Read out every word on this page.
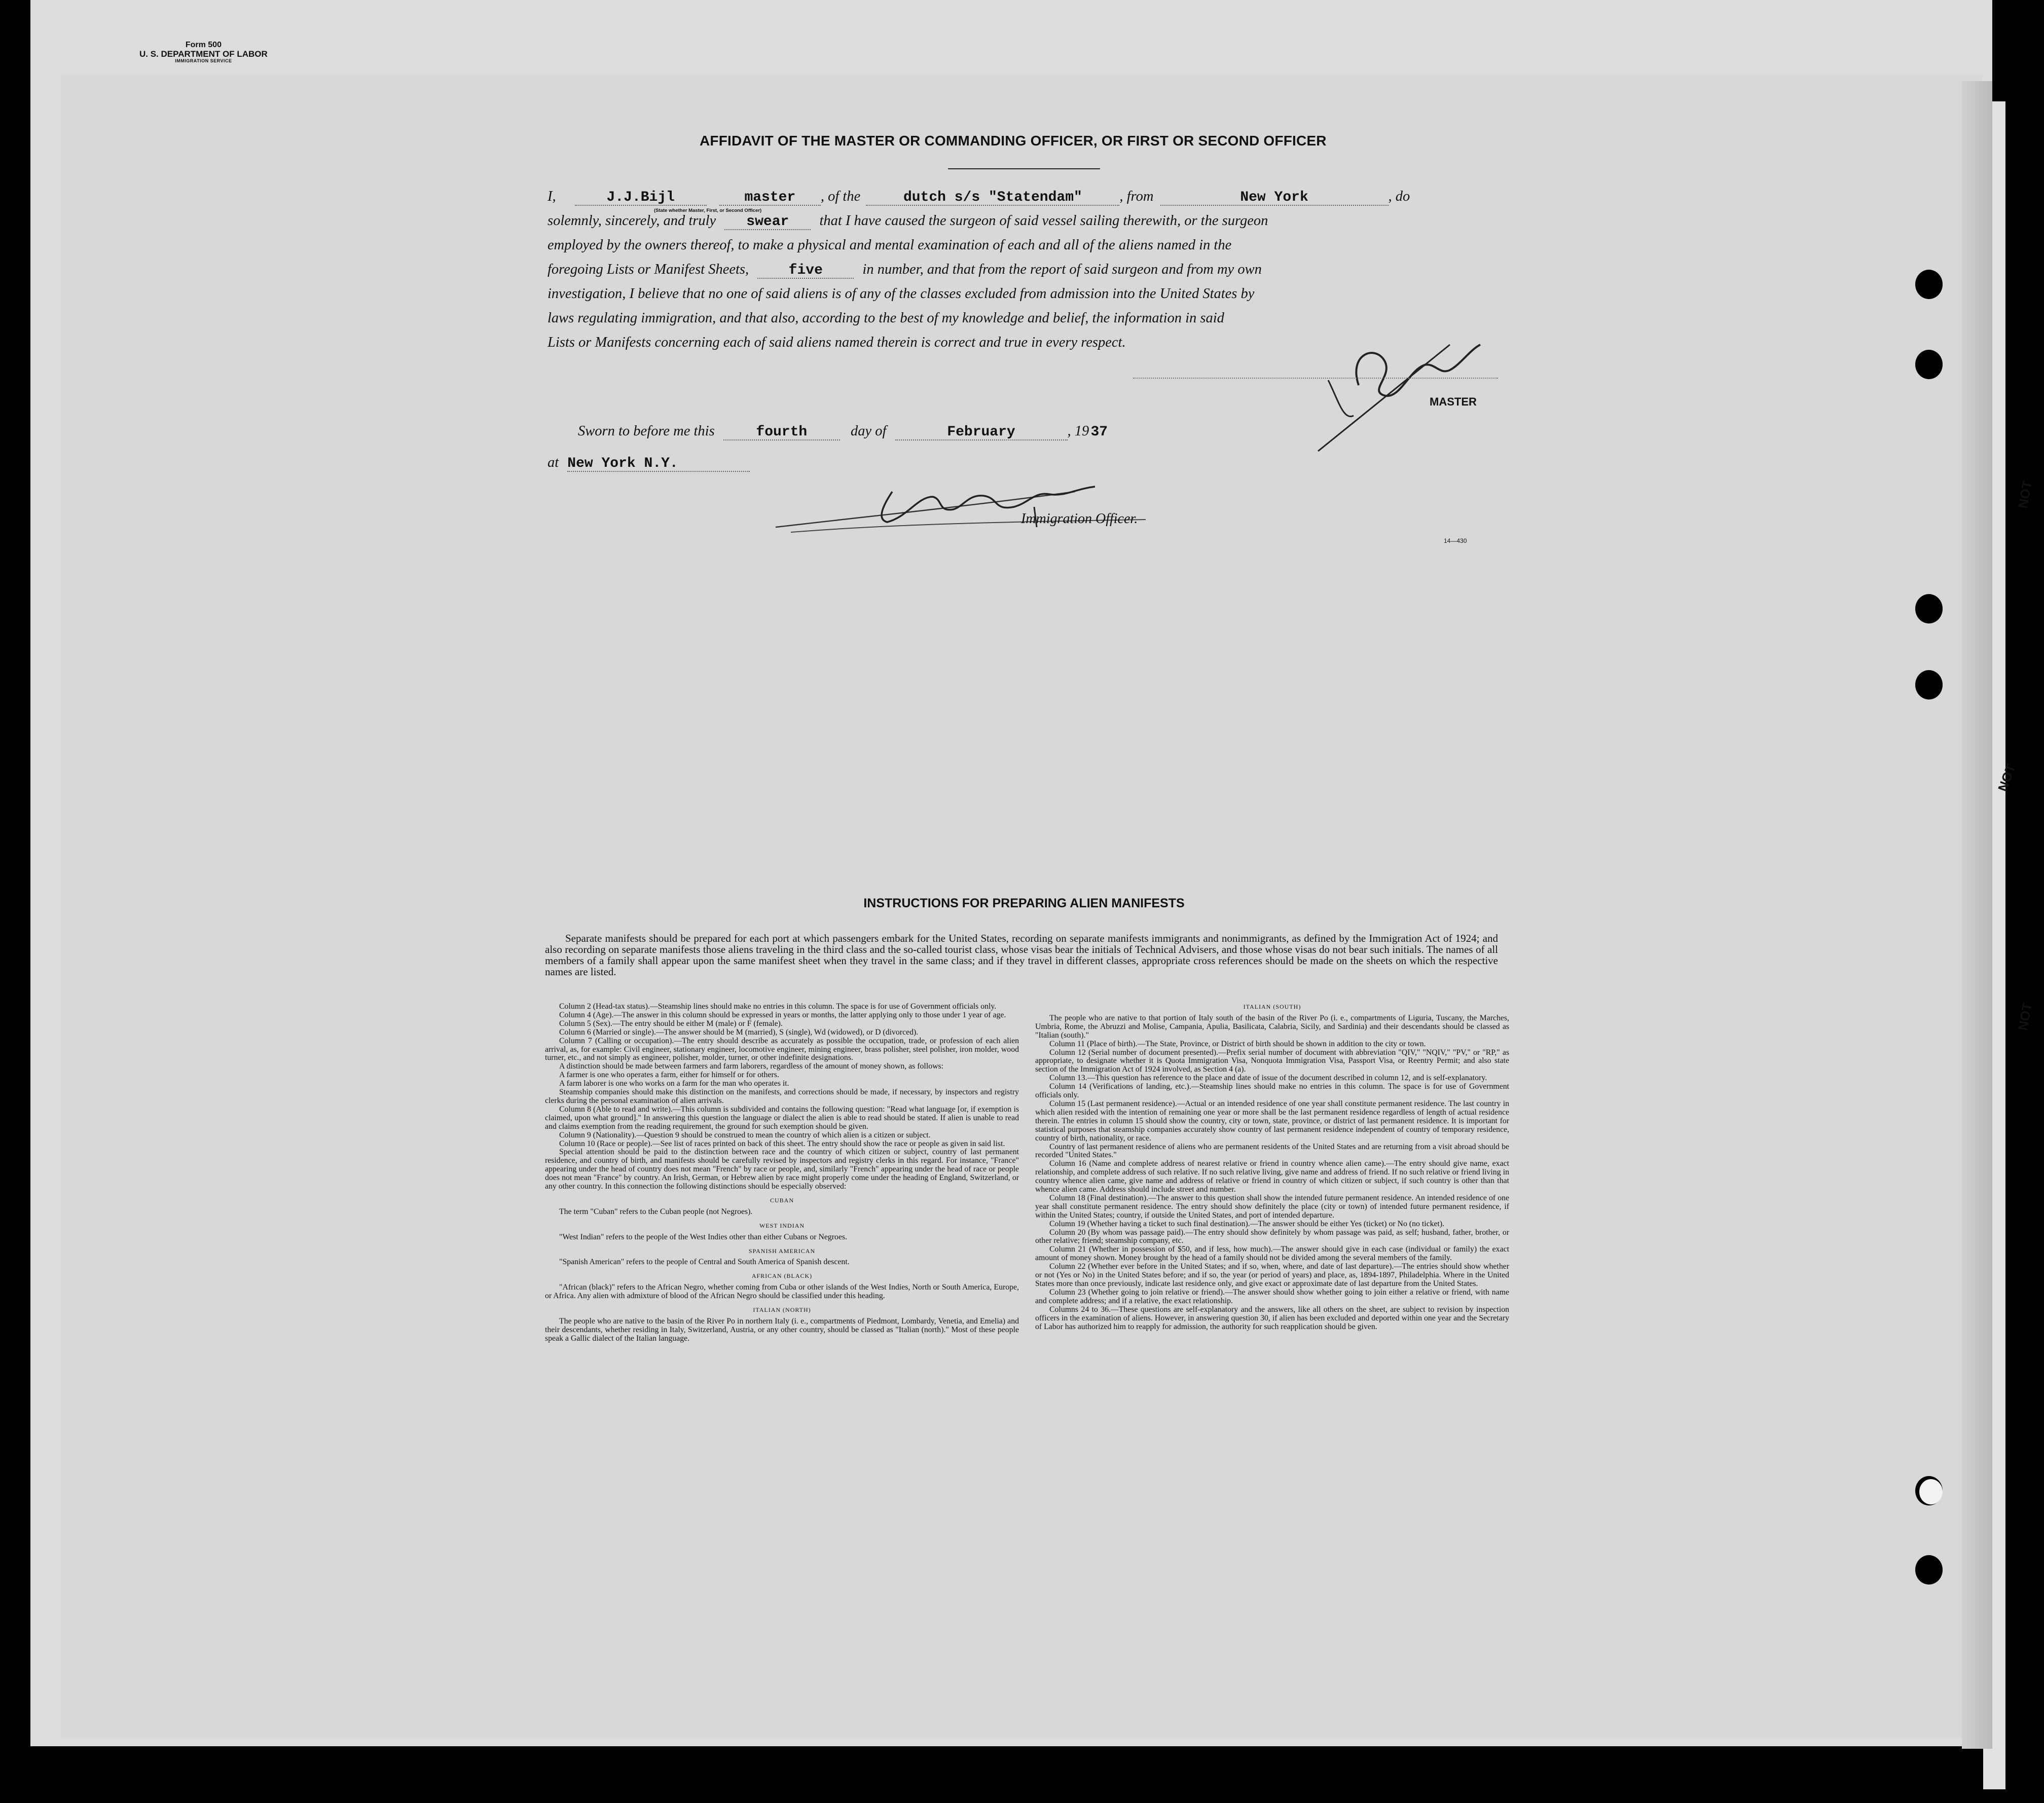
Form 500
U. S. DEPARTMENT OF LABOR
IMMIGRATION SERVICE
AFFIDAVIT OF THE MASTER OR COMMANDING OFFICER, OR FIRST OR SECOND OFFICER
I,	J.J.Bijl	master , of the	dutch s/s "Statendam"	, from	New York	, do
(State whether Master, First, or Second Officer)
solemnly, sincerely, and truly swear that I have caused the surgeon of said vessel sailing therewith, or the surgeon
employed by the owners thereof, to make a physical and mental examination of each and all of the aliens named in the
foregoing Lists or Manifest Sheets,	five	in number, and that from the report of said surgeon and from my own
investigation, I believe that no one of said aliens is of any of the classes excluded from admission into the United States by
laws regulating immigration, and that also, according to the best of my knowledge and belief, the information in said
Lists or Manifests concerning each of said aliens named therein is correct and true in every respect.
MASTER
Sworn to before me this	fourth	day of	February	, 19 37
at New York N.Y.
Immigration Officer.
14—430
INSTRUCTIONS FOR PREPARING ALIEN MANIFESTS
Separate manifests should be prepared for each port at which passengers embark for the United States, recording on separate manifests immigrants and nonimmigrants, as defined by the Immigration Act of 1924; and also recording on separate manifests those aliens traveling in the third class and the so-called tourist class, whose visas bear the initials of Technical Advisers, and those whose visas do not bear such initials. The names of all members of a family shall appear upon the same manifest sheet when they travel in the same class; and if they travel in different classes, appropriate cross references should be made on the sheets on which the respective names are listed.

Column 2 (Head-tax status).—Steamship lines should make no entries in this column. The space is for use of Government officials only.

Column 4 (Age).—The answer in this column should be expressed in years or months, the latter applying only to those under 1 year of age.

Column 5 (Sex).—The entry should be either M (male) or F (female).

Column 6 (Married or single).—The answer should be M (married), S (single), Wd (widowed), or D (divorced).

Column 7 (Calling or occupation).—The entry should describe as accurately as possible the occupation, trade, or profession of each alien arrival, as, for example: Civil engineer, stationary engineer, locomotive engineer, mining engineer, brass polisher, steel polisher, iron molder, wood turner, etc., and not simply as engineer, polisher, molder, turner, or other indefinite designations.

A distinction should be made between farmers and farm laborers, regardless of the amount of money shown, as follows:

A farmer is one who operates a farm, either for himself or for others.

A farm laborer is one who works on a farm for the man who operates it.

Steamship companies should make this distinction on the manifests, and corrections should be made, if necessary, by inspectors and registry clerks during the personal examination of alien arrivals.

Column 8 (Able to read and write).—This column is subdivided and contains the following question: "Read what language [or, if exemption is claimed, upon what ground]." In answering this question the language or dialect the alien is able to read should be stated. If alien is unable to read and claims exemption from the reading requirement, the ground for such exemption should be given.

Column 9 (Nationality).—Question 9 should be construed to mean the country of which alien is a citizen or subject.

Column 10 (Race or people).—See list of races printed on back of this sheet. The entry should show the race or people as given in said list.

Special attention should be paid to the distinction between race and the country of which citizen or subject, country of last permanent residence, and country of birth, and manifests should be carefully revised by inspectors and registry clerks in this regard. For instance, "France" appearing under the head of country does not mean "French" by race or people, and, similarly "French" appearing under the head of race or people does not mean "France" by country. An Irish, German, or Hebrew alien by race might properly come under the heading of England, Switzerland, or any other country. In this connection the following distinctions should be especially observed:

CUBAN

The term "Cuban" refers to the Cuban people (not Negroes).

WEST INDIAN

"West Indian" refers to the people of the West Indies other than either Cubans or Negroes.

SPANISH AMERICAN

"Spanish American" refers to the people of Central and South America of Spanish descent.

AFRICAN (BLACK)

"African (black)" refers to the African Negro, whether coming from Cuba or other islands of the West Indies, North or South America, Europe, or Africa. Any alien with admixture of blood of the African Negro should be classified under this heading.

ITALIAN (NORTH)

The people who are native to the basin of the River Po in northern Italy (i. e., compartments of Piedmont, Lombardy, Venetia, and Emelia) and their descendants, whether residing in Italy, Switzerland, Austria, or any other country, should be classed as "Italian (north)." Most of these people speak a Gallic dialect of the Italian language.

ITALIAN (SOUTH)

The people who are native to that portion of Italy south of the basin of the River Po (i. e., compartments of Liguria, Tuscany, the Marches, Umbria, Rome, the Abruzzi and Molise, Campania, Apulia, Basilicata, Calabria, Sicily, and Sardinia) and their descendants should be classed as "Italian (south)."

Column 11 (Place of birth).—The State, Province, or District of birth should be shown in addition to the city or town.

Column 12 (Serial number of document presented).—Prefix serial number of document with abbreviation "QIV," "NQIV," "PV," or "RP," as appropriate, to designate whether it is Quota Immigration Visa, Nonquota Immigration Visa, Passport Visa, or Reentry Permit; and also state section of the Immigration Act of 1924 involved, as Section 4 (a).

Column 13.—This question has reference to the place and date of issue of the document described in column 12, and is self-explanatory.

Column 14 (Verifications of landing, etc.).—Steamship lines should make no entries in this column. The space is for use of Government officials only.

Column 15 (Last permanent residence).—Actual or an intended residence of one year shall constitute permanent residence. The last country in which alien resided with the intention of remaining one year or more shall be the last permanent residence regardless of length of actual residence therein. The entries in column 15 should show the country, city or town, state, province, or district of last permanent residence. It is important for statistical purposes that steamship companies accurately show country of last permanent residence independent of country of temporary residence, country of birth, nationality, or race.

Country of last permanent residence of aliens who are permanent residents of the United States and are returning from a visit abroad should be recorded "United States."

Column 16 (Name and complete address of nearest relative or friend in country whence alien came).—The entry should give name, exact relationship, and complete address of such relative. If no such relative living, give name and address of friend. If no such relative or friend living in country whence alien came, give name and address of relative or friend in country of which citizen or subject, if such country is other than that whence alien came. Address should include street and number.

Column 18 (Final destination).—The answer to this question shall show the intended future permanent residence. An intended residence of one year shall constitute permanent residence. The entry should show definitely the place (city or town) of intended future permanent residence, if within the United States; country, if outside the United States, and port of intended departure.

Column 19 (Whether having a ticket to such final destination).—The answer should be either Yes (ticket) or No (no ticket).

Column 20 (By whom was passage paid).—The entry should show definitely by whom passage was paid, as self; husband, father, brother, or other relative; friend; steamship company, etc.

Column 21 (Whether in possession of $50, and if less, how much).—The answer should give in each case (individual or family) the exact amount of money shown. Money brought by the head of a family should not be divided among the several members of the family.

Column 22 (Whether ever before in the United States; and if so, when, where, and date of last departure).—The entries should show whether or not (Yes or No) in the United States before; and if so, the year (or period of years) and place, as, 1894-1897, Philadelphia. Where in the United States more than once previously, indicate last residence only, and give exact or approximate date of last departure from the United States.

Column 23 (Whether going to join relative or friend).—The answer should show whether going to join either a relative or friend, with name and complete address; and if a relative, the exact relationship.

Columns 24 to 36.—These questions are self-explanatory and the answers, like all others on the sheet, are subject to revision by inspection officers in the examination of aliens. However, in answering question 30, if alien has been excluded and deported within one year and the Secretary of Labor has authorized him to reapply for admission, the authority for such reapplication should be given.

NOT
NOT
NOT
